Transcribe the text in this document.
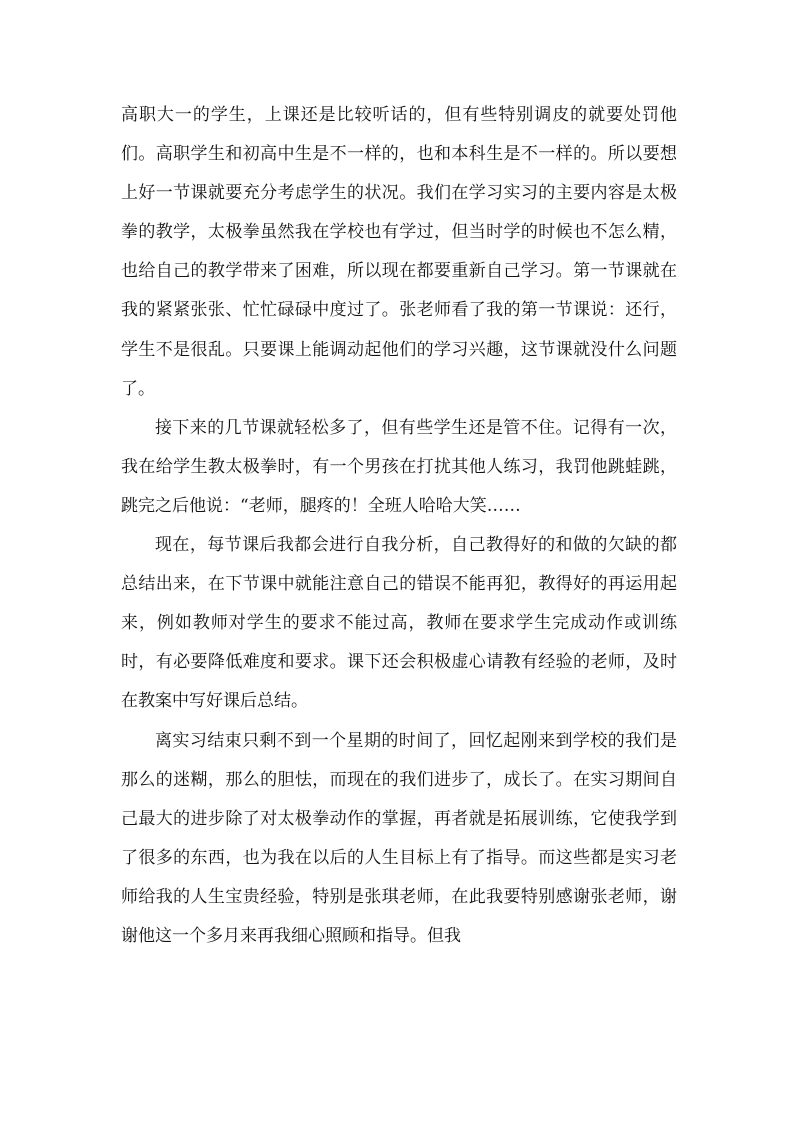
高职大一的学生，上课还是比较听话的，但有些特别调皮的就要处罚他们。高职学生和初高中生是不一样的，也和本科生是不一样的。所以要想上好一节课就要充分考虑学生的状况。我们在学习实习的主要内容是太极拳的教学，太极拳虽然我在学校也有学过，但当时学的时候也不怎么精，也给自己的教学带来了困难，所以现在都要重新自己学习。第一节课就在我的紧紧张张、忙忙碌碌中度过了。张老师看了我的第一节课说：还行，学生不是很乱。只要课上能调动起他们的学习兴趣，这节课就没什么问题了。

接下来的几节课就轻松多了，但有些学生还是管不住。记得有一次，我在给学生教太极拳时，有一个男孩在打扰其他人练习，我罚他跳蛙跳，跳完之后他说：“老师，腿疼的！全班人哈哈大笑……

现在，每节课后我都会进行自我分析，自己教得好的和做的欠缺的都总结出来，在下节课中就能注意自己的错误不能再犯，教得好的再运用起来，例如教师对学生的要求不能过高，教师在要求学生完成动作或训练时，有必要降低难度和要求。课下还会积极虚心请教有经验的老师，及时在教案中写好课后总结。

离实习结束只剩不到一个星期的时间了，回忆起刚来到学校的我们是那么的迷糊，那么的胆怯，而现在的我们进步了，成长了。在实习期间自己最大的进步除了对太极拳动作的掌握，再者就是拓展训练，它使我学到了很多的东西，也为我在以后的人生目标上有了指导。而这些都是实习老师给我的人生宝贵经验，特别是张琪老师，在此我要特别感谢张老师，谢谢他这一个多月来再我细心照顾和指导。但我
